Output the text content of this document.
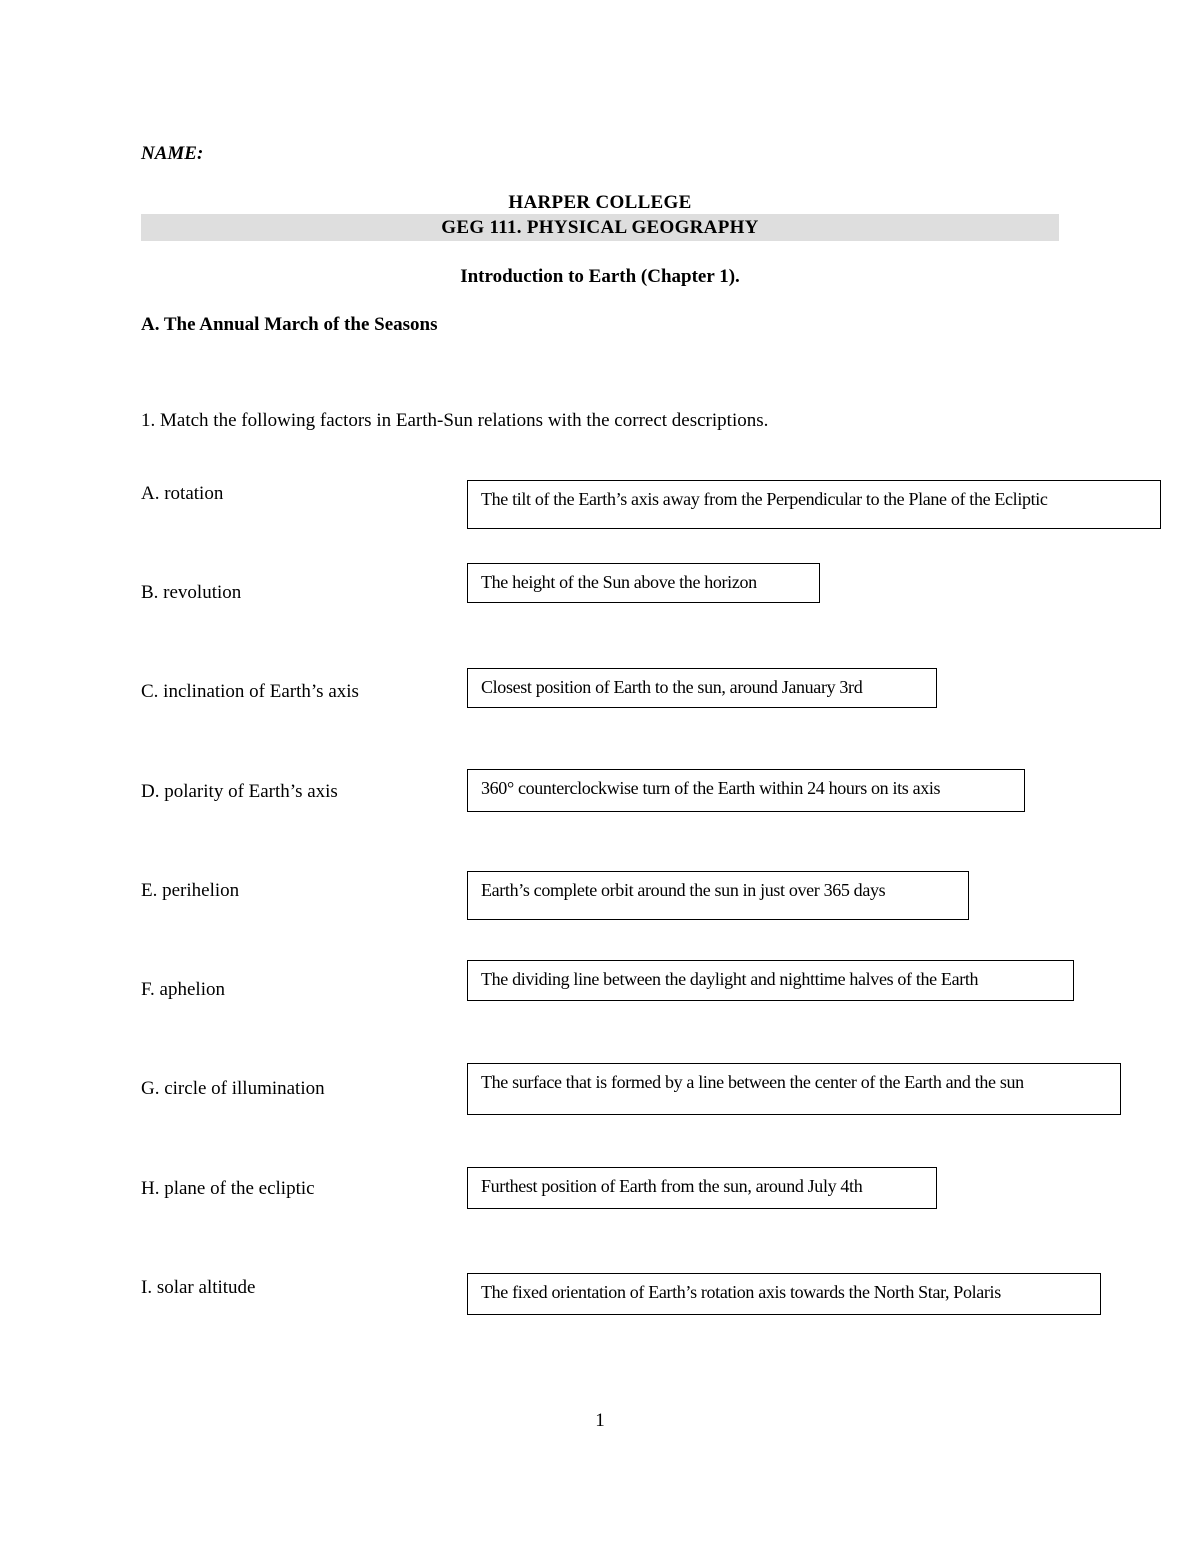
NAME:
HARPER COLLEGE
GEG 111. PHYSICAL GEOGRAPHY
Introduction to Earth (Chapter 1).
A. The Annual March of the Seasons
1. Match the following factors in Earth-Sun relations with the correct descriptions.
A. rotation
B. revolution
C. inclination of Earth’s axis
D. polarity of Earth’s axis
E. perihelion
F. aphelion
G. circle of illumination
H. plane of the ecliptic
I. solar altitude
The tilt of the Earth’s axis away from the Perpendicular to the Plane of the Ecliptic
The height of the Sun above the horizon
Closest position of Earth to the sun, around January 3rd
360° counterclockwise turn of the Earth within 24 hours on its axis
Earth’s complete orbit around the sun in just over 365 days
The dividing line between the daylight and nighttime halves of the Earth
The surface that is formed by a line between the center of the Earth and the sun
Furthest position of Earth from the sun, around July 4th
The fixed orientation of Earth’s rotation axis towards the North Star, Polaris
1
